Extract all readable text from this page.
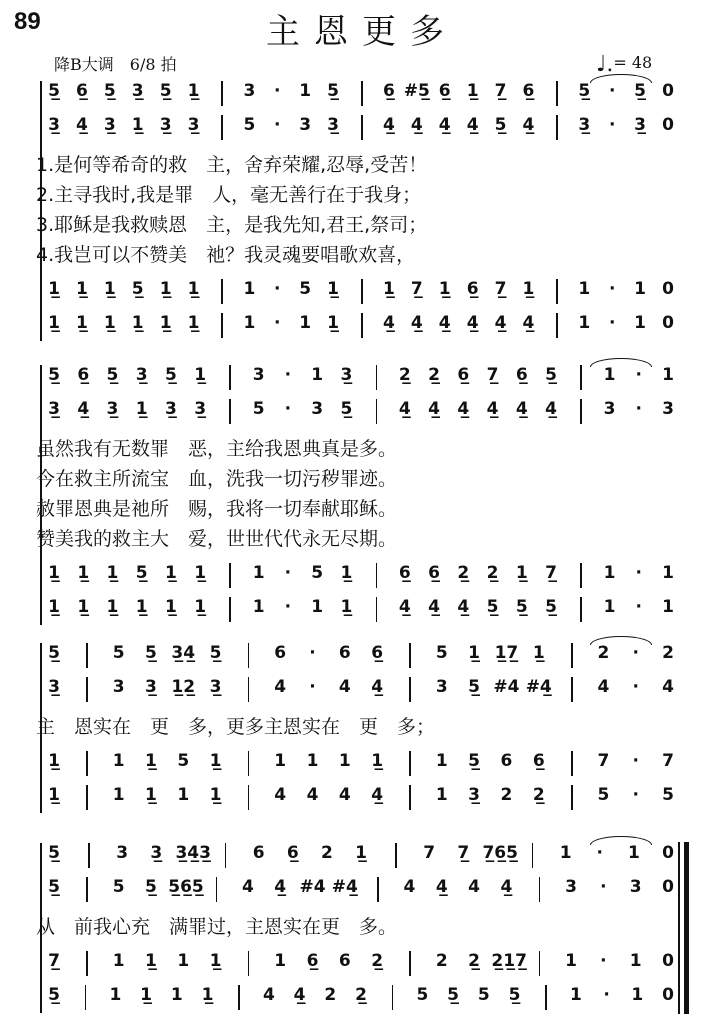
89	主恩更多
降B大调　6/8 拍	♩.= 48
5̲ 6̲ 5̲ 3̲ 5̲ 1̲	3	·	1 5̲	6̲ #5̲ 6̲ 1̲ 7̲ 6̲	5̲	·	5̲ 0
3̲ 4̲ 3̲ 1̲ 3̲ 3̲	5	·	3 3̲	4̲ 4̲ 4̲ 4̲ 5̲ 4̲	3̲	·	3̲ 0
1.是何等希奇的救　主，舍弃荣耀,忍辱,受苦！
2.主寻我时,我是罪　人，毫无善行在于我身；
3.耶稣是我救赎恩　主，是我先知,君王,祭司；
4.我岂可以不赞美　祂？我灵魂要唱歌欢喜，
1̲ 1̲ 1̲ 5̲ 1̲ 1̲	1	·	5 1̲	1̲ 7̲ 1̲ 6̲ 7̲ 1̲	1	·	1 0
1̲ 1̲ 1̲ 1̲ 1̲ 1̲	1	·	1 1̲	4̲ 4̲ 4̲ 4̲ 4̲ 4̲	1	·	1 0
5̲	6̲	5̲	3̲	5̲	1̲	3	·	1	3̲	2̲	2̲	6̲	7̲	6̲	5̲	1	·	1
3̲	4̲	3̲	1̲	3̲	3̲	5	·	3	5̲	4̲	4̲	4̲	4̲	4̲	4̲	3	·	3
虽然我有无数罪　恶，主给我恩典真是多。
今在救主所流宝　血，洗我一切污秽罪迹。
赦罪恩典是祂所　赐，我将一切奉献耶稣。
赞美我的救主大　爱，世世代代永无尽期。
1̲	1̲	1̲	5̲	1̲	1̲	1	·	5	1̲	6̲	6̲	2̲	2̲	1̲	7̲	1	·	1
1̲	1̲	1̲	1̲	1̲	1̲	1	·	1	1̲	4̲	4̲	4̲	5̲	5̲	5̲	1	·	1
5̲	5	5̲ 3̲4̲ 5̲	6	·	6	6̲	5	1̲ 1̲7̲ 1̲	2	·	2
3̲	3	3̲ 1̲2̲ 3̲	4	·	4	4̲	3	5̲ #4 #4̲	4	·	4
主　恩实在　更　多，更多主恩实在　更　多；
1̲	1	1̲	5	1̲	1	1	1	1̲	1	5̲	6	6̲	7	·	7
1̲	1	1̲	1	1̲	4	4	4	4̲	1	3̲	2	2̲	5	·	5
5̲	3	3̲ 3̲4̲3̲	6	6̲	2	1̲	7	7̲ 7̲6̲5̲	1	·	1	0
5̲	5	5̲ 5̲6̲5̲	4	4̲ #4 #4̲	4	4̲	4	4̲	3	·	3	0
从　前我心充　满罪过，主恩实在更　多。
7̲	1	1̲	1	1̲	1	6̲	6	2̲	2	2̲ 2̲1̲7̲	1	·	1	0
5̲	1	1̲	1	1̲	4	4̲	2	2̲	5	5̲	5	5̲	1	·	1	0
